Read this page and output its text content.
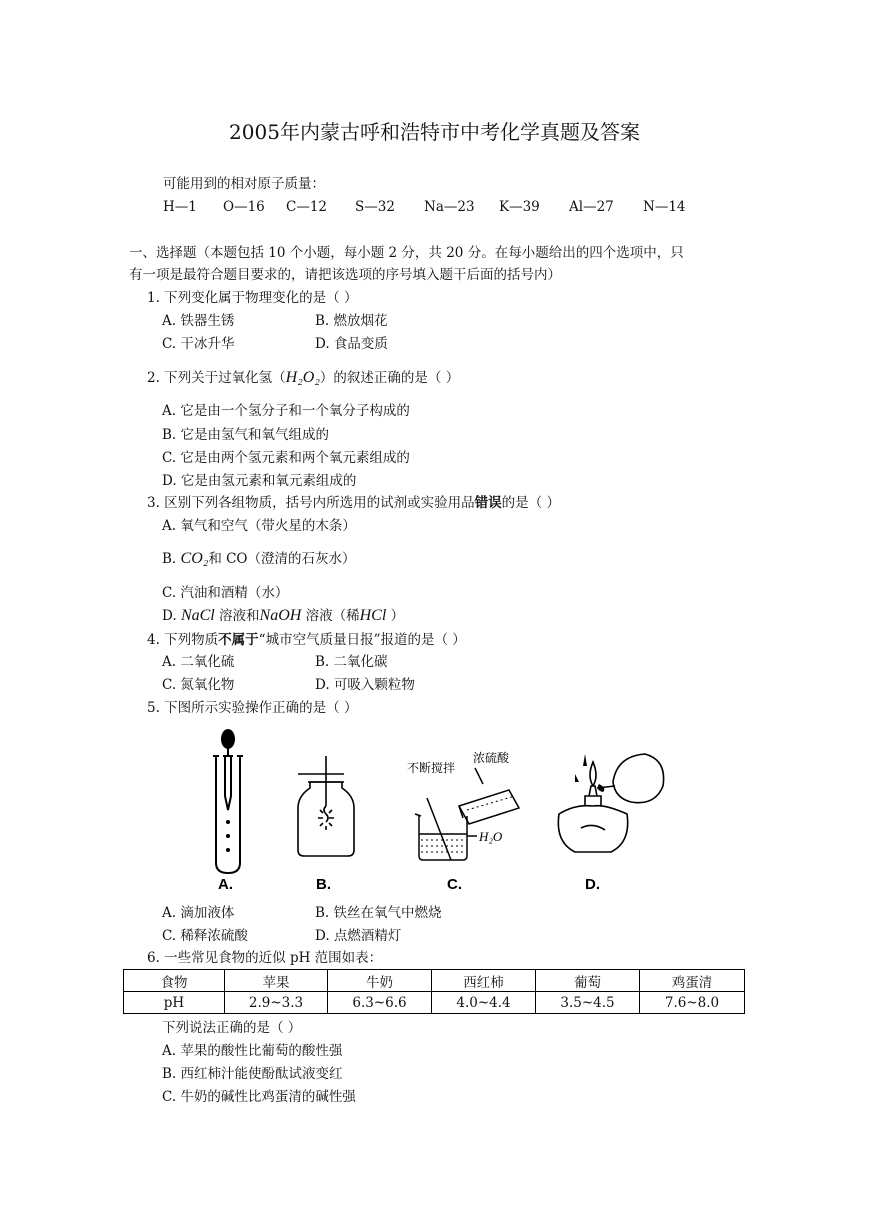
2005年内蒙古呼和浩特市中考化学真题及答案
可能用到的相对原子质量：
H—1 O—16 C—12 S—32 Na—23 K—39 Al—27 N—14
一、选择题（本题包括 10 个小题，每小题 2 分，共 20 分。在每小题给出的四个选项中，只
有一项是最符合题目要求的，请把该选项的序号填入题干后面的括号内）
1. 下列变化属于物理变化的是（ ）
A. 铁器生锈	B. 燃放烟花
C. 干冰升华	D. 食品变质
2. 下列关于过氧化氢（H₂O₂）的叙述正确的是（ ）
A. 它是由一个氢分子和一个氧分子构成的
B. 它是由氢气和氧气组成的
C. 它是由两个氢元素和两个氧元素组成的
D. 它是由氢元素和氧元素组成的
3. 区别下列各组物质，括号内所选用的试剂或实验用品错误的是（ ）
A. 氧气和空气（带火星的木条）
B. CO₂和 CO（澄清的石灰水）
C. 汽油和酒精（水）
D. NaCl 溶液和NaOH 溶液（稀HCl ）
4. 下列物质不属于“城市空气质量日报”报道的是（ ）
A. 二氧化硫	B. 二氧化碳
C. 氮氧化物	D. 可吸入颗粒物
5. 下图所示实验操作正确的是（ ）
A.	B.
不断搅拌
浓硫酸
H₂O
C.	D.
A. 滴加液体	B. 铁丝在氧气中燃烧
C. 稀释浓硫酸	D. 点燃酒精灯
6. 一些常见食物的近似 pH 范围如表：
食物	苹果	牛奶	西红柿	葡萄	鸡蛋清
pH	2.9~3.3	6.3~6.6	4.0~4.4	3.5~4.5	7.6~8.0
下列说法正确的是（ ）
A. 苹果的酸性比葡萄的酸性强
B. 西红柿汁能使酚酞试液变红
C. 牛奶的碱性比鸡蛋清的碱性强
